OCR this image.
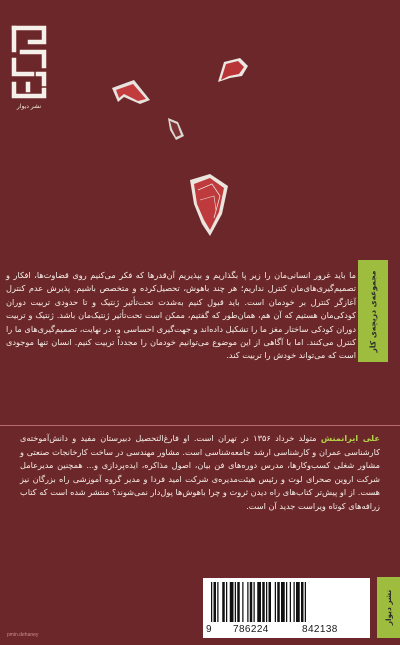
نشر دیوار
مجموعه‌ی دریچه‌ی کار
ما باید غرور انسانی‌مان را زیر پا بگذاریم و بپذیریم آن‌قدرها که فکر می‌کنیم روی قضاوت‌ها، افکار و تصمیم‌گیری‌های‌مان کنترل نداریم؛ هر چند باهوش، تحصیل‌کرده و متخصص باشیم. پذیرش عدم کنترل آغازگر کنترل بر خودمان است. باید قبول کنیم به‌شدت تحت‌تأثیر ژنتیک و تا حدودی تربیت دوران کودکی‌مان هستیم که آن هم، همان‌طور که گفتیم، ممکن است تحت‌تأثیر ژنتیک‌مان باشد. ژنتیک و تربیت دوران کودکی ساختار مغز ما را تشکیل داده‌اند و جهت‌گیری احساسی و، در نهایت، تصمیم‌گیری‌های ما را کنترل می‌کنند. اما با آگاهی از این موضوع می‌توانیم خودمان را مجدداً تربیت کنیم. انسان تنها موجودی است که می‌تواند خودش را تربیت کند.
علی ایرانمنش متولد خرداد ۱۳۵۶ در تهران است. او فارغ‌التحصیل دبیرستان مفید و دانش‌آموخته‌ی کارشناسی عمران و کارشناسی ارشد جامعه‌شناسی است. مشاور مهندسی در ساخت کارخانجات صنعتی و مشاور شغلی کسب‌وکارها، مدرس دوره‌های فن بیان، اصول مذاکره، ایده‌پردازی و... همچنین مدیرعامل شرکت اروین صحرای لوت و رئیس هیئت‌مدیره‌ی شرکت امید فردا و مدیر گروه آموزشی راه بزرگان نیز هست. از او پیش‌تر کتاب‌های راه دیدن ثروت و چرا باهوش‌ها پول‌دار نمی‌شوند؟ منتشر شده است که کتاب زرافه‌های کوتاه ویراست جدید آن است.
9 786224	842138
نشر دیوار
pmin.dehaney
